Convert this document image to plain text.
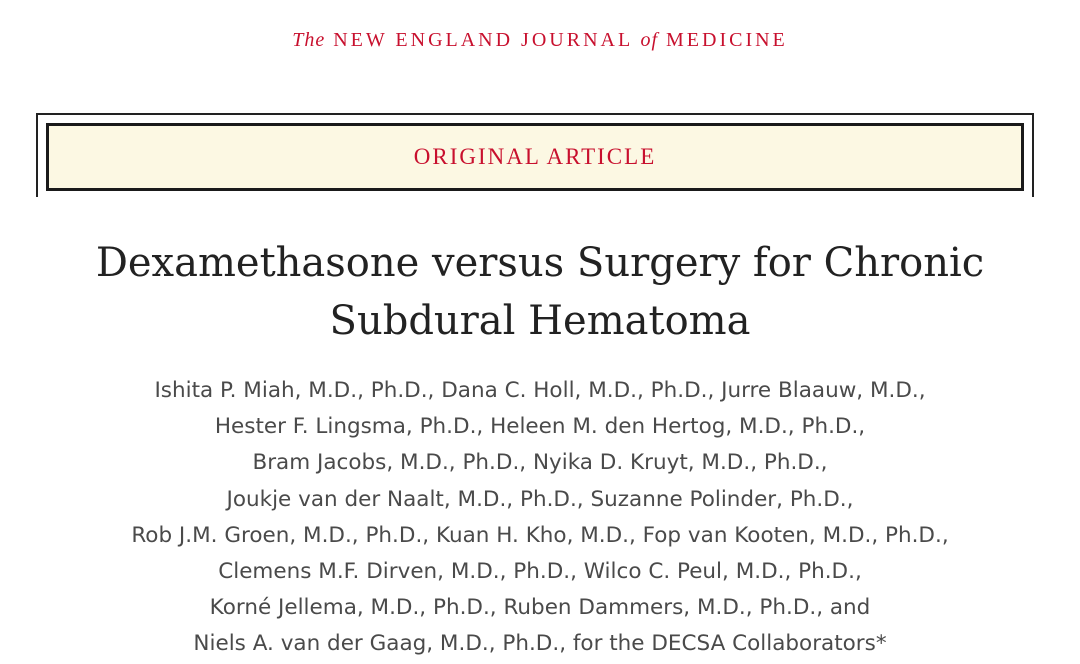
The NEW ENGLAND JOURNAL of MEDICINE
ORIGINAL ARTICLE
Dexamethasone versus Surgery for Chronic
Subdural Hematoma

Ishita P. Miah, M.D., Ph.D., Dana C. Holl, M.D., Ph.D., Jurre Blaauw, M.D.,
Hester F. Lingsma, Ph.D., Heleen M. den Hertog, M.D., Ph.D.,
Bram Jacobs, M.D., Ph.D., Nyika D. Kruyt, M.D., Ph.D.,
Joukje van der Naalt, M.D., Ph.D., Suzanne Polinder, Ph.D.,
Rob J.M. Groen, M.D., Ph.D., Kuan H. Kho, M.D., Fop van Kooten, M.D., Ph.D.,
Clemens M.F. Dirven, M.D., Ph.D., Wilco C. Peul, M.D., Ph.D.,
Korné Jellema, M.D., Ph.D., Ruben Dammers, M.D., Ph.D., and
Niels A. van der Gaag, M.D., Ph.D., for the DECSA Collaborators*
